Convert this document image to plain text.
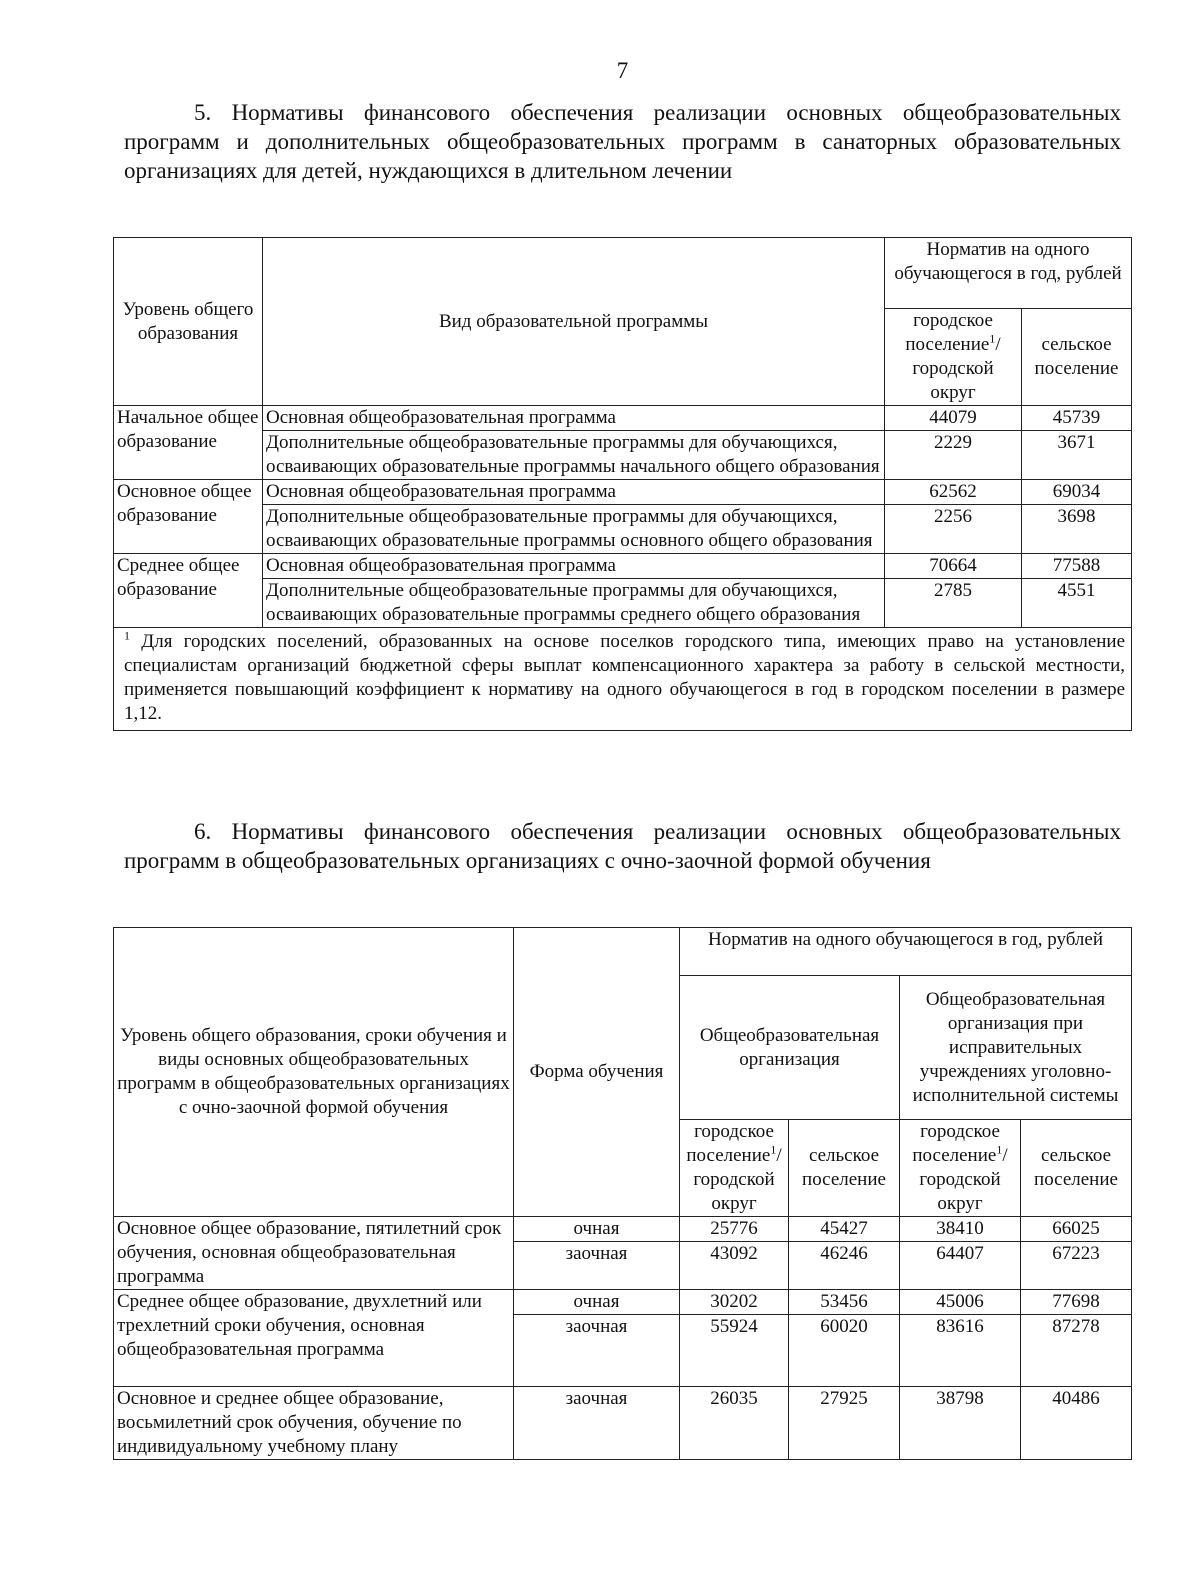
7
5. Нормативы финансового обеспечения реализации основных общеобразовательных программ и дополнительных общеобразовательных программ в санаторных образовательных организациях для детей, нуждающихся в длительном лечении
Уровень общего образования	Вид образовательной программы	Норматив на одного обучающегося в год, рублей	
		городское поселение$^1$/ городской округ	сельское поселение
Начальное общее образование	Основная общеобразовательная программа	44079	45739
	Дополнительные общеобразовательные программы для обучающихся, осваивающих образовательные программы начального общего образования	2229	3671
Основное общее образование	Основная общеобразовательная программа	62562	69034
	Дополнительные общеобразовательные программы для обучающихся, осваивающих образовательные программы основного общего образования	2256	3698
Среднее общее образование	Основная общеобразовательная программа	70664	77588
	Дополнительные общеобразовательные программы для обучающихся, осваивающих образовательные программы среднего общего образования	2785	4551
$^1$ Для городских поселений, образованных на основе поселков городского типа, имеющих право на установление специалистам организаций бюджетной сферы выплат компенсационного характера за работу в сельской местности, применяется повышающий коэффициент к нормативу на одного обучающегося в год в городском поселении в размере 1,12.			
6. Нормативы финансового обеспечения реализации основных общеобразовательных программ в общеобразовательных организациях с очно-заочной формой обучения
Уровень общего образования, сроки обучения и виды основных общеобразовательных программ в общеобразовательных организациях с очно-заочной формой обучения	Форма обучения	Норматив на одного обучающегося в год, рублей			
		Общеобразовательная организация		Общеобразовательная организация при исправительных учреждениях уголовно-исполнительной системы	
		городское поселение$^1$/ городской округ	сельское поселение	городское поселение$^1$/ городской округ	сельское поселение
Основное общее образование, пятилетний срок обучения, основная общеобразовательная программа	очная	25776	45427	38410	66025
	заочная	43092	46246	64407	67223
Среднее общее образование, двухлетний или трехлетний сроки обучения, основная общеобразовательная программа	очная	30202	53456	45006	77698
	заочная	55924	60020	83616	87278
Основное и среднее общее образование, восьмилетний срок обучения, обучение по индивидуальному учебному плану	заочная	26035	27925	38798	40486
